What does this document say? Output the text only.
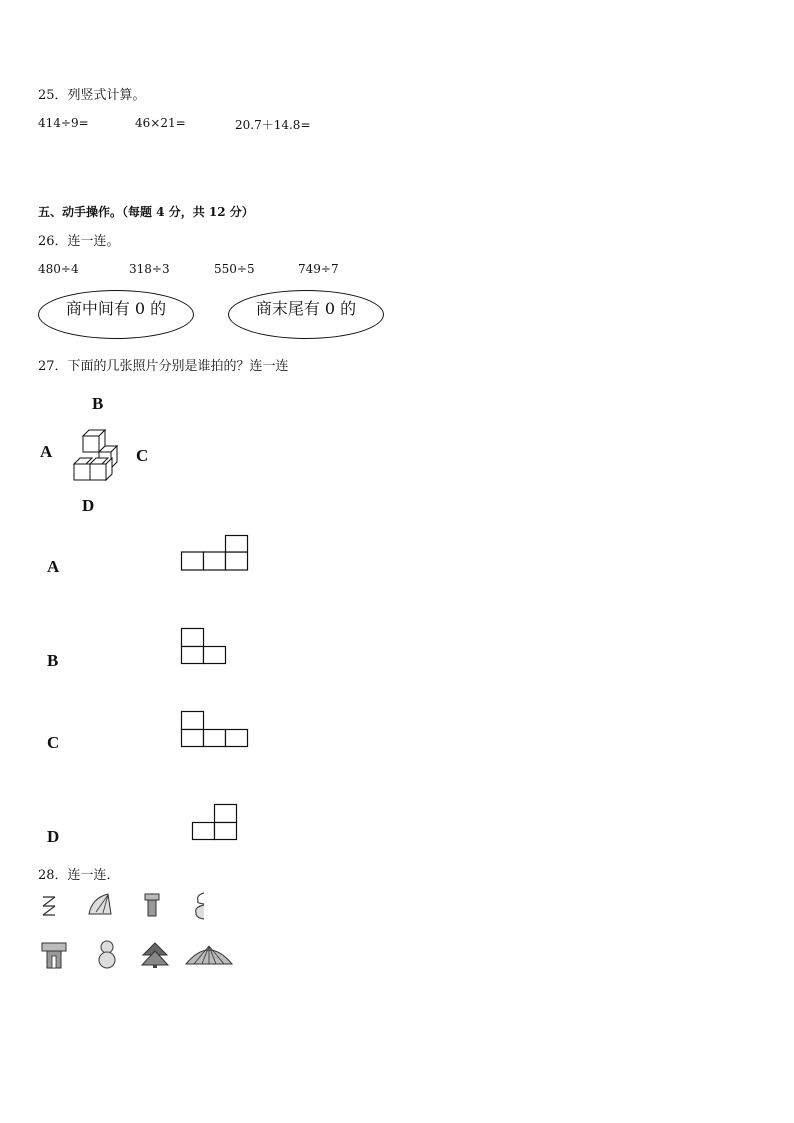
25．列竖式计算。
414÷9=	46×21=	20.7＋14.8=
五、动手操作。（每题 4 分，共 12 分）
26．连一连。
480÷4	318÷3	550÷5	749÷7
商中间有 0 的	商末尾有 0 的
27．下面的几张照片分别是谁拍的？连一连
B
A	C
D
A
B
C
D
28．连一连．
